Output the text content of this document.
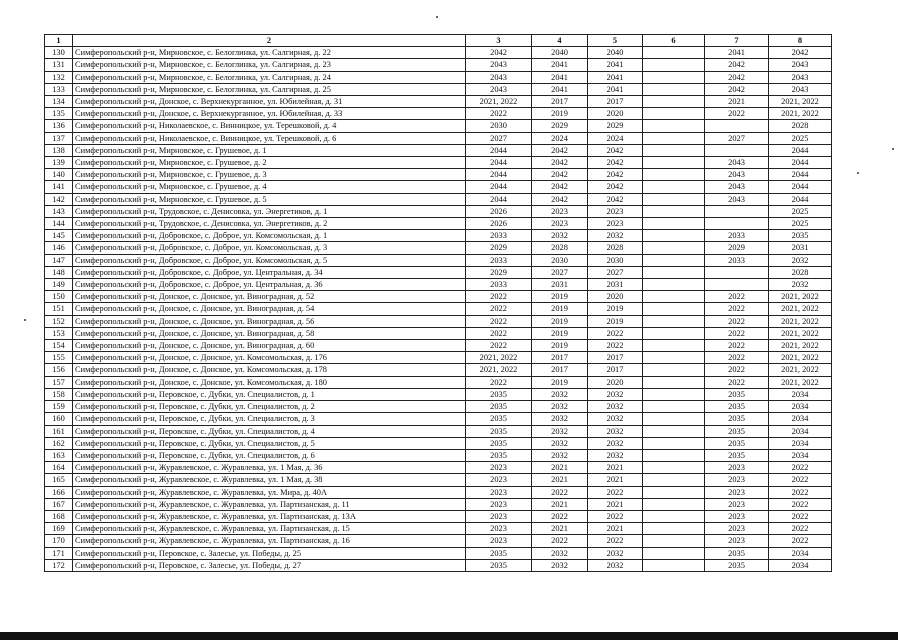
1	2	3	4	5	6	7	8
130	Симферопольский р-н, Мирновское, с. Белоглинка, ул. Салгирная, д. 22	2042	2040	2040		2041	2042
131	Симферопольский р-н, Мирновское, с. Белоглинка, ул. Салгирная, д. 23	2043	2041	2041		2042	2043
132	Симферопольский р-н, Мирновское, с. Белоглинка, ул. Салгирная, д. 24	2043	2041	2041		2042	2043
133	Симферопольский р-н, Мирновское, с. Белоглинка, ул. Салгирная, д. 25	2043	2041	2041		2042	2043
134	Симферопольский р-н, Донское, с. Верхнекурганное, ул. Юбилейная, д. 31	2021, 2022	2017	2017		2021	2021, 2022
135	Симферопольский р-н, Донское, с. Верхнекурганное, ул. Юбилейная, д. 33	2022	2019	2020		2022	2021, 2022
136	Симферопольский р-н, Николаевское, с. Винницкое, ул. Терешковой, д. 4	2030	2029	2029			2028
137	Симферопольский р-н, Николаевское, с. Винницкое, ул. Терешковой, д. 6	2027	2024	2024		2027	2025
138	Симферопольский р-н, Мирновское, с. Грушевое, д. 1	2044	2042	2042			2044
139	Симферопольский р-н, Мирновское, с. Грушевое, д. 2	2044	2042	2042		2043	2044
140	Симферопольский р-н, Мирновское, с. Грушевое, д. 3	2044	2042	2042		2043	2044
141	Симферопольский р-н, Мирновское, с. Грушевое, д. 4	2044	2042	2042		2043	2044
142	Симферопольский р-н, Мирновское, с. Грушевое, д. 5	2044	2042	2042		2043	2044
143	Симферопольский р-н, Трудовское, с. Денисовка, ул. Энергетиков, д. 1	2026	2023	2023			2025
144	Симферопольский р-н, Трудовское, с. Денисовка, ул. Энергетиков, д. 2	2026	2023	2023			2025
145	Симферопольский р-н, Добровское, с. Доброе, ул. Комсомольская, д. 1	2033	2032	2032		2033	2035
146	Симферопольский р-н, Добровское, с. Доброе, ул. Комсомольская, д. 3	2029	2028	2028		2029	2031
147	Симферопольский р-н, Добровское, с. Доброе, ул. Комсомольская, д. 5	2033	2030	2030		2033	2032
148	Симферопольский р-н, Добровское, с. Доброе, ул. Центральная, д. 34	2029	2027	2027			2028
149	Симферопольский р-н, Добровское, с. Доброе, ул. Центральная, д. 36	2033	2031	2031			2032
150	Симферопольский р-н, Донское, с. Донское, ул. Виноградная, д. 52	2022	2019	2020		2022	2021, 2022
151	Симферопольский р-н, Донское, с. Донское, ул. Виноградная, д. 54	2022	2019	2019		2022	2021, 2022
152	Симферопольский р-н, Донское, с. Донское, ул. Виноградная, д. 56	2022	2019	2019		2022	2021, 2022
153	Симферопольский р-н, Донское, с. Донское, ул. Виноградная, д. 58	2022	2019	2022		2022	2021, 2022
154	Симферопольский р-н, Донское, с. Донское, ул. Виноградная, д. 60	2022	2019	2022		2022	2021, 2022
155	Симферопольский р-н, Донское, с. Донское, ул. Комсомольская, д. 176	2021, 2022	2017	2017		2022	2021, 2022
156	Симферопольский р-н, Донское, с. Донское, ул. Комсомольская, д. 178	2021, 2022	2017	2017		2022	2021, 2022
157	Симферопольский р-н, Донское, с. Донское, ул. Комсомольская, д. 180	2022	2019	2020		2022	2021, 2022
158	Симферопольский р-н, Перовское, с. Дубки, ул. Специалистов, д. 1	2035	2032	2032		2035	2034
159	Симферопольский р-н, Перовское, с. Дубки, ул. Специалистов, д. 2	2035	2032	2032		2035	2034
160	Симферопольский р-н, Перовское, с. Дубки, ул. Специалистов, д. 3	2035	2032	2032		2035	2034
161	Симферопольский р-н, Перовское, с. Дубки, ул. Специалистов, д. 4	2035	2032	2032		2035	2034
162	Симферопольский р-н, Перовское, с. Дубки, ул. Специалистов, д. 5	2035	2032	2032		2035	2034
163	Симферопольский р-н, Перовское, с. Дубки, ул. Специалистов, д. 6	2035	2032	2032		2035	2034
164	Симферопольский р-н, Журавлевское, с. Журавлевка, ул. 1 Мая, д. 36	2023	2021	2021		2023	2022
165	Симферопольский р-н, Журавлевское, с. Журавлевка, ул. 1 Мая, д. 38	2023	2021	2021		2023	2022
166	Симферопольский р-н, Журавлевское, с. Журавлевка, ул. Мира, д. 40А	2023	2022	2022		2023	2022
167	Симферопольский р-н, Журавлевское, с. Журавлевка, ул. Партизанская, д. 11	2023	2021	2021		2023	2022
168	Симферопольский р-н, Журавлевское, с. Журавлевка, ул. Партизанская, д. 13А	2023	2022	2022		2023	2022
169	Симферопольский р-н, Журавлевское, с. Журавлевка, ул. Партизанская, д. 15	2023	2021	2021		2023	2022
170	Симферопольский р-н, Журавлевское, с. Журавлевка, ул. Партизанская, д. 16	2023	2022	2022		2023	2022
171	Симферопольский р-н, Перовское, с. Залесье, ул. Победы, д. 25	2035	2032	2032		2035	2034
172	Симферопольский р-н, Перовское, с. Залесье, ул. Победы, д. 27	2035	2032	2032		2035	2034
